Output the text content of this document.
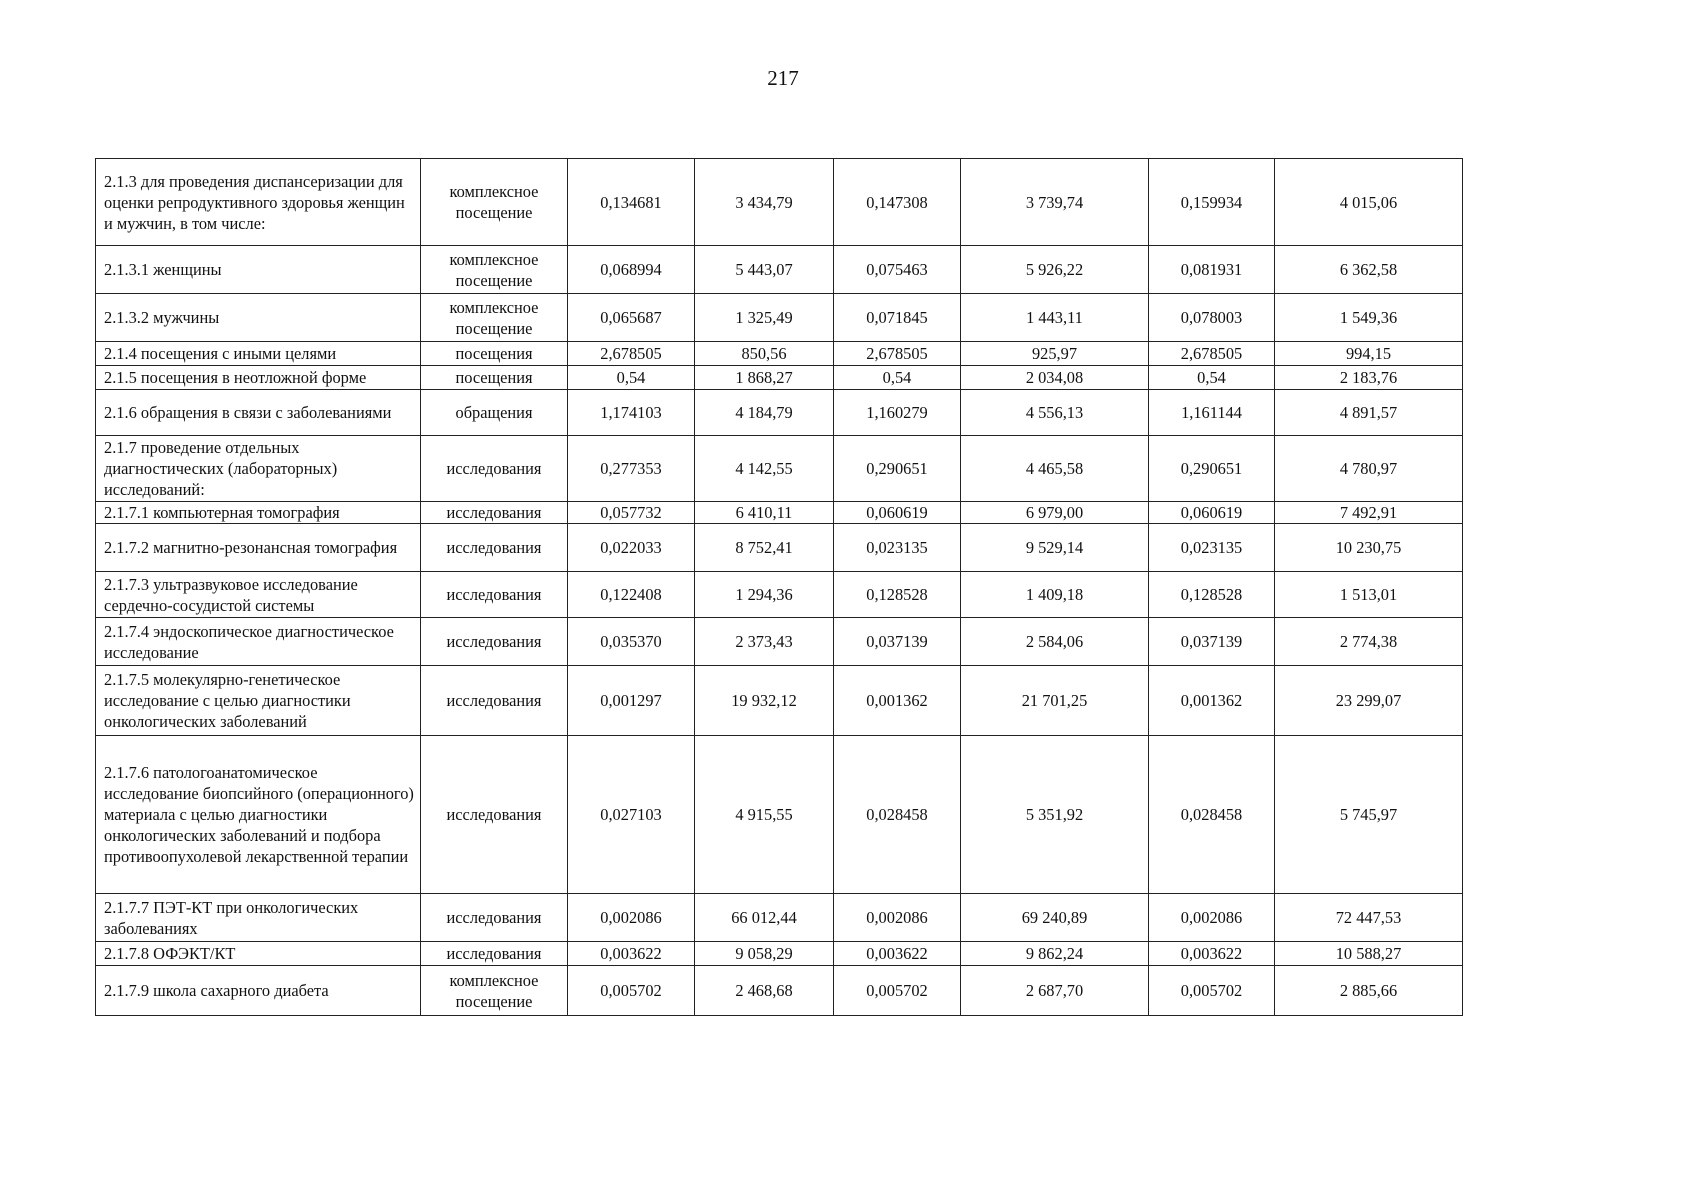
217
2.1.3 для проведения диспансеризации для оценки репродуктивного здоровья женщин и мужчин, в том числе:	комплексное посещение	0,134681	3 434,79	0,147308	3 739,74	0,159934	4 015,06
2.1.3.1 женщины	комплексное посещение	0,068994	5 443,07	0,075463	5 926,22	0,081931	6 362,58
2.1.3.2 мужчины	комплексное посещение	0,065687	1 325,49	0,071845	1 443,11	0,078003	1 549,36
2.1.4 посещения с иными целями	посещения	2,678505	850,56	2,678505	925,97	2,678505	994,15
2.1.5 посещения в неотложной форме	посещения	0,54	1 868,27	0,54	2 034,08	0,54	2 183,76
2.1.6 обращения в связи с заболеваниями	обращения	1,174103	4 184,79	1,160279	4 556,13	1,161144	4 891,57
2.1.7 проведение отдельных диагностических (лабораторных) исследований:	исследования	0,277353	4 142,55	0,290651	4 465,58	0,290651	4 780,97
2.1.7.1 компьютерная томография	исследования	0,057732	6 410,11	0,060619	6 979,00	0,060619	7 492,91
2.1.7.2 магнитно-резонансная томография	исследования	0,022033	8 752,41	0,023135	9 529,14	0,023135	10 230,75
2.1.7.3 ультразвуковое исследование сердечно-сосудистой системы	исследования	0,122408	1 294,36	0,128528	1 409,18	0,128528	1 513,01
2.1.7.4 эндоскопическое диагностическое исследование	исследования	0,035370	2 373,43	0,037139	2 584,06	0,037139	2 774,38
2.1.7.5 молекулярно-генетическое исследование с целью диагностики онкологических заболеваний	исследования	0,001297	19 932,12	0,001362	21 701,25	0,001362	23 299,07
2.1.7.6 патологоанатомическое исследование биопсийного (операционного) материала с целью диагностики онкологических заболеваний и подбора противоопухолевой лекарственной терапии	исследования	0,027103	4 915,55	0,028458	5 351,92	0,028458	5 745,97
2.1.7.7 ПЭТ-КТ при онкологических заболеваниях	исследования	0,002086	66 012,44	0,002086	69 240,89	0,002086	72 447,53
2.1.7.8 ОФЭКТ/КТ	исследования	0,003622	9 058,29	0,003622	9 862,24	0,003622	10 588,27
2.1.7.9 школа сахарного диабета	комплексное посещение	0,005702	2 468,68	0,005702	2 687,70	0,005702	2 885,66
